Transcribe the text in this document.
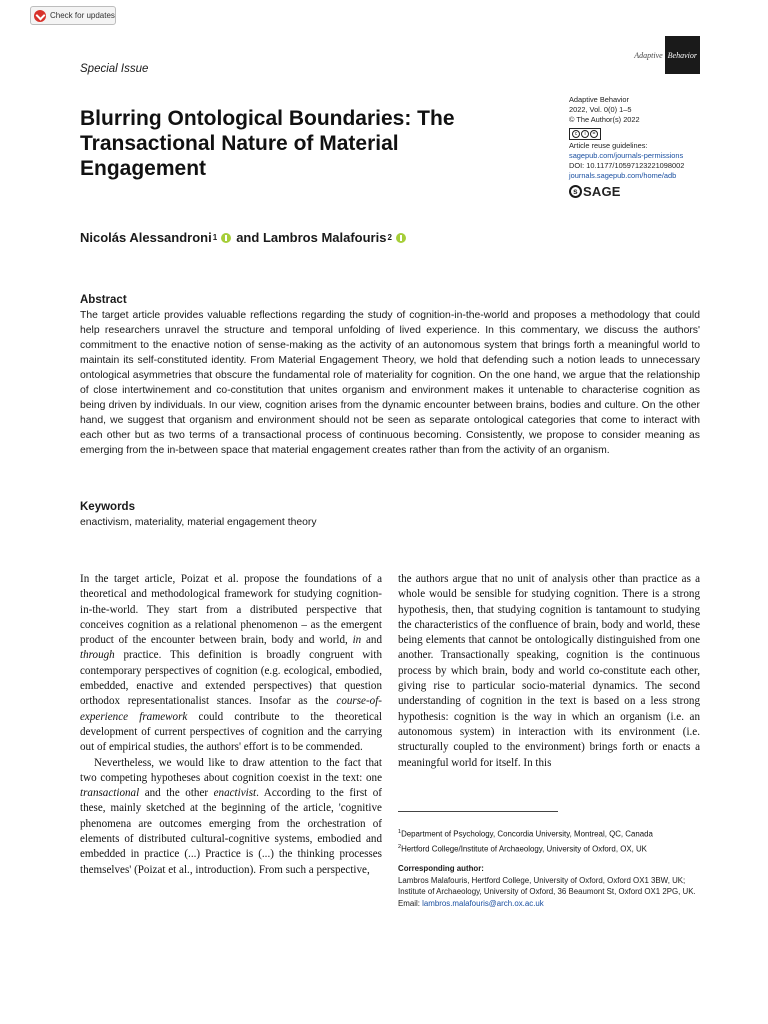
Check for updates
Adaptive Behavior
Special Issue
Blurring Ontological Boundaries: The Transactional Nature of Material Engagement
Adaptive Behavior
2022, Vol. 0(0) 1–5
© The Author(s) 2022
c	i	=
Article reuse guidelines:
sagepub.com/journals-permissions
DOI: 10.1177/10597123221098002
journals.sagepub.com/home/adb
s SAGE
Nicolás Alessandroni 1 and
Lambros Malafouris 2
Abstract

The target article provides valuable reflections regarding the study of cognition-in-the-world and proposes a methodology that could help researchers unravel the structure and temporal unfolding of lived experience. In this commentary, we discuss the authors' commitment to the enactive notion of sense-making as the activity of an autonomous system that brings forth a meaningful world to maintain its self-constituted identity. From Material Engagement Theory, we hold that defending such a notion leads to unnecessary ontological asymmetries that obscure the fundamental role of materiality for cognition. On the one hand, we argue that the relationship of close intertwinement and co-constitution that unites organism and environment makes it untenable to characterise cognition as being driven by individuals. In our view, cognition arises from the dynamic encounter between brains, bodies and culture. On the other hand, we suggest that organism and environment should not be seen as separate ontological categories that come to interact with each other but as two terms of a transactional process of continuous becoming. Consistently, we propose to consider meaning as emerging from the in-between space that material engagement creates rather than from the activity of an organism.

Keywords
enactivism, materiality, material engagement theory

In the target article, Poizat et al. propose the foundations of a theoretical and methodological framework for studying cognition-in-the-world. They start from a distributed perspective that conceives cognition as a relational phenomenon – as the emergent product of the encounter between brain, body and world, in and through practice. This definition is broadly congruent with contemporary perspectives of cognition (e.g. ecological, embodied, embedded, enactive and extended perspectives) that question orthodox representationalist stances. Insofar as the course-of-experience framework could contribute to the theoretical development of current perspectives of cognition and the carrying out of empirical studies, the authors' effort is to be commended.

Nevertheless, we would like to draw attention to the fact that two competing hypotheses about cognition coexist in the text: one transactional and the other enactivist. According to the first of these, mainly sketched at the beginning of the article, 'cognitive phenomena are outcomes emerging from the orchestration of elements of distributed cultural-cognitive systems, embodied and embedded in practice (...) Practice is (...) the thinking processes themselves' (Poizat et al., introduction). From such a perspective,

the authors argue that no unit of analysis other than practice as a whole would be sensible for studying cognition. There is a strong hypothesis, then, that studying cognition is tantamount to studying the characteristics of the confluence of brain, body and world, these being elements that cannot be ontologically distinguished from one another. Transactionally speaking, cognition is the continuous process by which brain, body and world co-constitute each other, giving rise to particular socio-material dynamics. The second understanding of cognition in the text is based on a less strong hypothesis: cognition is the way in which an organism (i.e. an autonomous system) in interaction with its environment (i.e. structurally coupled to the environment) brings forth or enacts a meaningful world for itself. In this

$^1$Department of Psychology, Concordia University, Montreal, QC, Canada
$^2$Hertford College/Institute of Archaeology, University of Oxford, OX, UK
Corresponding author:
Lambros Malafouris, Hertford College, University of Oxford, Oxford OX1 3BW, UK; Institute of Archaeology, University of Oxford, 36 Beaumont St, Oxford OX1 2PG, UK.
Email: lambros.malafouris@arch.ox.ac.uk
